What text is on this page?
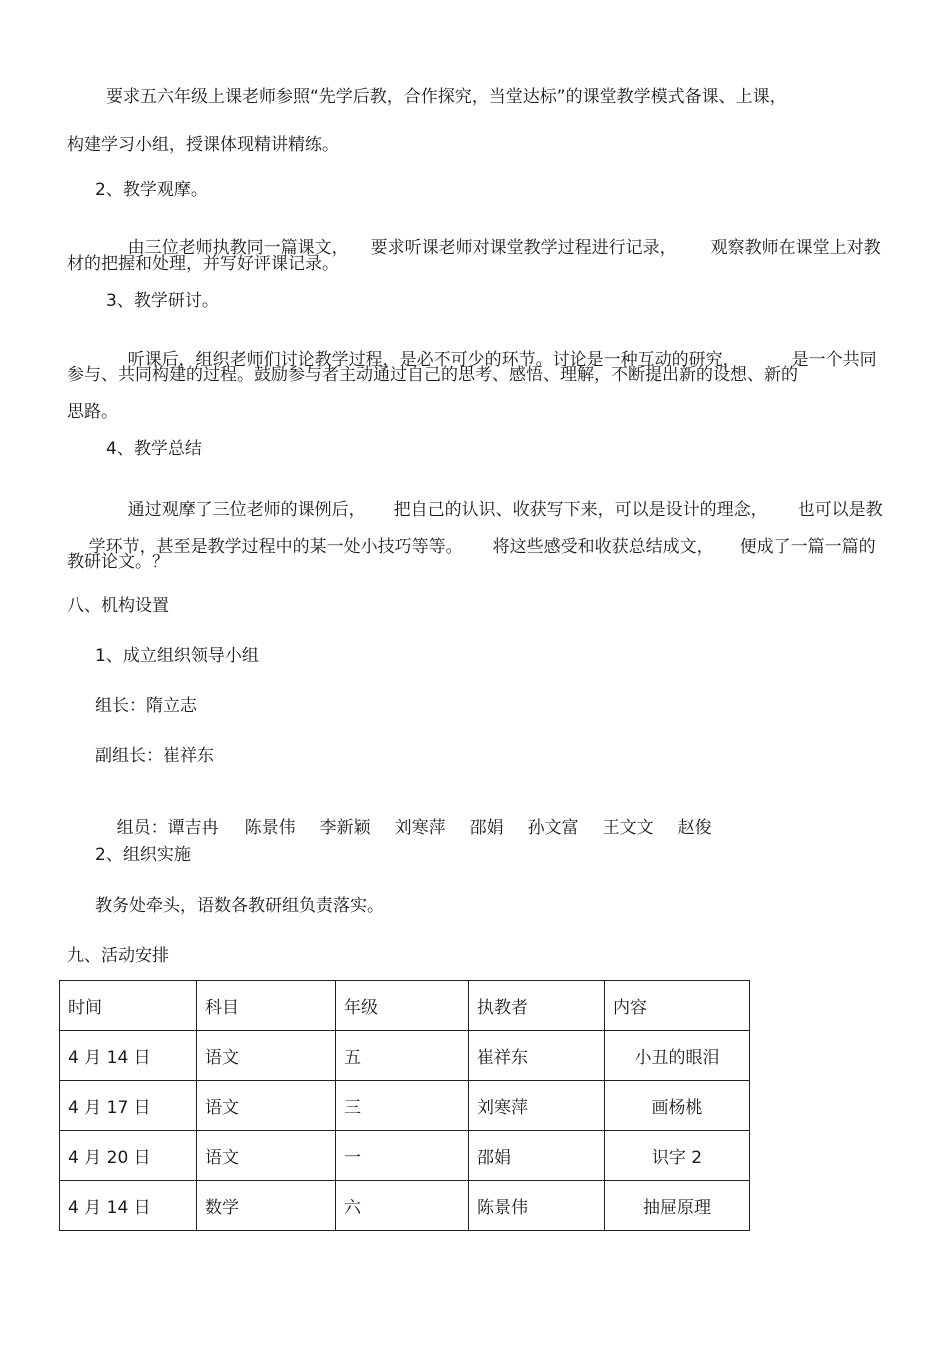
要求五六年级上课老师参照“先学后教，合作探究，当堂达标”的课堂教学模式备课、上课，
构建学习小组，授课体现精讲精练。
2、教学观摩。

由三位老师执教同一篇课文， 要求听课老师对课堂教学过程进行记录， 观察教师在课堂上对教

材的把握和处理，并写好评课记录。
3、教学研讨。

听课后，组织老师们讨论教学过程，是必不可少的环节。讨论是一种互动的研究，	是一个共同

参与、共同构建的过程。鼓励参与者主动通过自己的思考、感悟、理解，不断提出新的设想、新的
思路。
4、教学总结

通过观摩了三位老师的课例后， 把自己的认识、收获写下来，可以是设计的理念， 也可以是教

学环节，甚至是教学过程中的某一处小技巧等等。 将这些感受和收获总结成文， 便成了一篇一篇的

教研论文。？
八、机构设置
1、成立组织领导小组
组长：隋立志
副组长：崔祥东

组员：谭吉冉 陈景伟 李新颖 刘寒萍 邵娟 孙文富 王文文 赵俊

2、组织实施
教务处牵头，语数各教研组负责落实。
九、活动安排
时间	科目	年级	执教者	内容
4 月 14 日	语文	五	崔祥东	小丑的眼泪
4 月 17 日	语文	三	刘寒萍	画杨桃
4 月 20 日	语文	一	邵娟	识字 2
4 月 14 日	数学	六	陈景伟	抽屉原理
